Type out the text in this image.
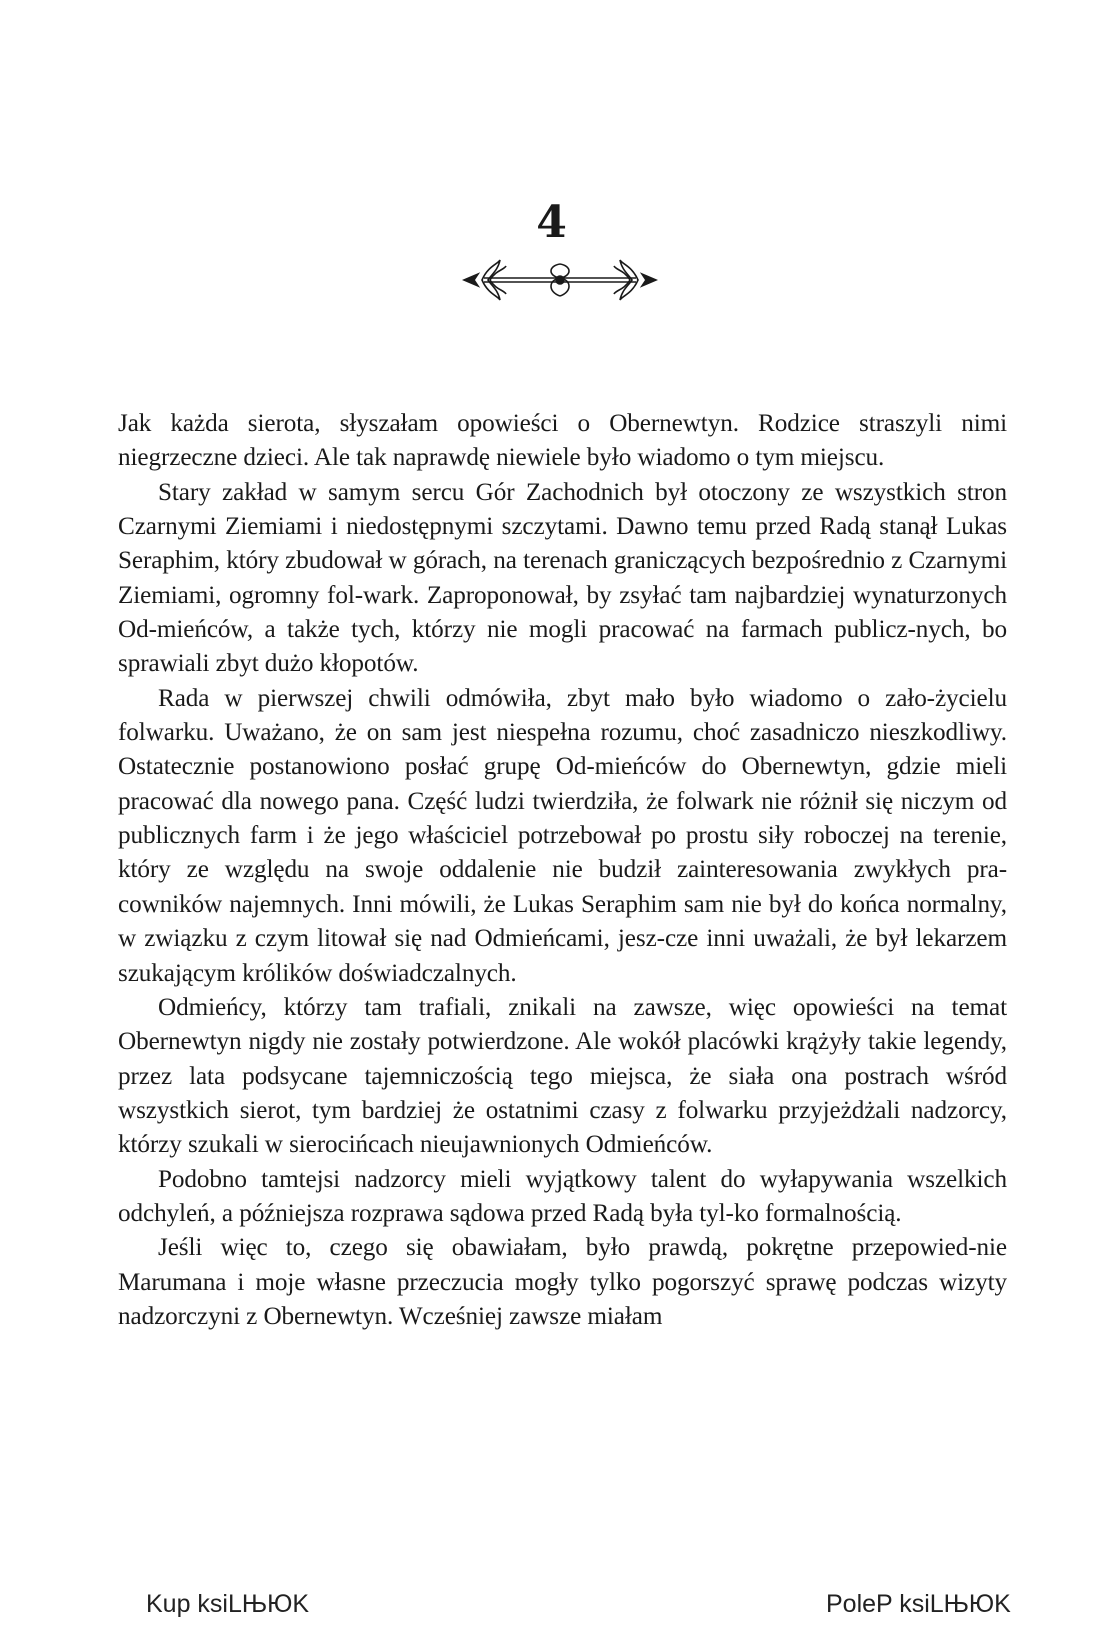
4

Jak każda sierota, słyszałam opowieści o Obernewtyn. Rodzice straszyli nimi niegrzeczne dzieci. Ale tak naprawdę niewiele było wiadomo o tym miejscu.

Stary zakład w samym sercu Gór Zachodnich był otoczony ze wszystkich stron Czarnymi Ziemiami i niedostępnymi szczytami. Dawno temu przed Radą stanął Lukas Seraphim, który zbudował w górach, na terenach graniczących bezpośrednio z Czarnymi Ziemiami, ogromny fol-wark. Zaproponował, by zsyłać tam najbardziej wynaturzonych Od-mieńców, a także tych, którzy nie mogli pracować na farmach publicz-nych, bo sprawiali zbyt dużo kłopotów.

Rada w pierwszej chwili odmówiła, zbyt mało było wiadomo o zało-życielu folwarku. Uważano, że on sam jest niespełna rozumu, choć zasadniczo nieszkodliwy. Ostatecznie postanowiono posłać grupę Od-mieńców do Obernewtyn, gdzie mieli pracować dla nowego pana. Część ludzi twierdziła, że folwark nie różnił się niczym od publicznych farm i że jego właściciel potrzebował po prostu siły roboczej na terenie, który ze względu na swoje oddalenie nie budził zainteresowania zwykłych pra-cowników najemnych. Inni mówili, że Lukas Seraphim sam nie był do końca normalny, w związku z czym litował się nad Odmieńcami, jesz-cze inni uważali, że był lekarzem szukającym królików doświadczalnych.

Odmieńcy, którzy tam trafiali, znikali na zawsze, więc opowieści na temat Obernewtyn nigdy nie zostały potwierdzone. Ale wokół placówki krążyły takie legendy, przez lata podsycane tajemniczością tego miejsca, że siała ona postrach wśród wszystkich sierot, tym bardziej że ostatnimi czasy z folwarku przyjeżdżali nadzorcy, którzy szukali w sierocińcach nieujawnionych Odmieńców.

Podobno tamtejsi nadzorcy mieli wyjątkowy talent do wyłapywania wszelkich odchyleń, a późniejsza rozprawa sądowa przed Radą była tyl-ko formalnością.

Jeśli więc to, czego się obawiałam, było prawdą, pokrętne przepowied-nie Marumana i moje własne przeczucia mogły tylko pogorszyć sprawę podczas wizyty nadzorczyni z Obernewtyn. Wcześniej zawsze miałam

Kup ksiLЊЮK	PoleP ksiLЊЮK
